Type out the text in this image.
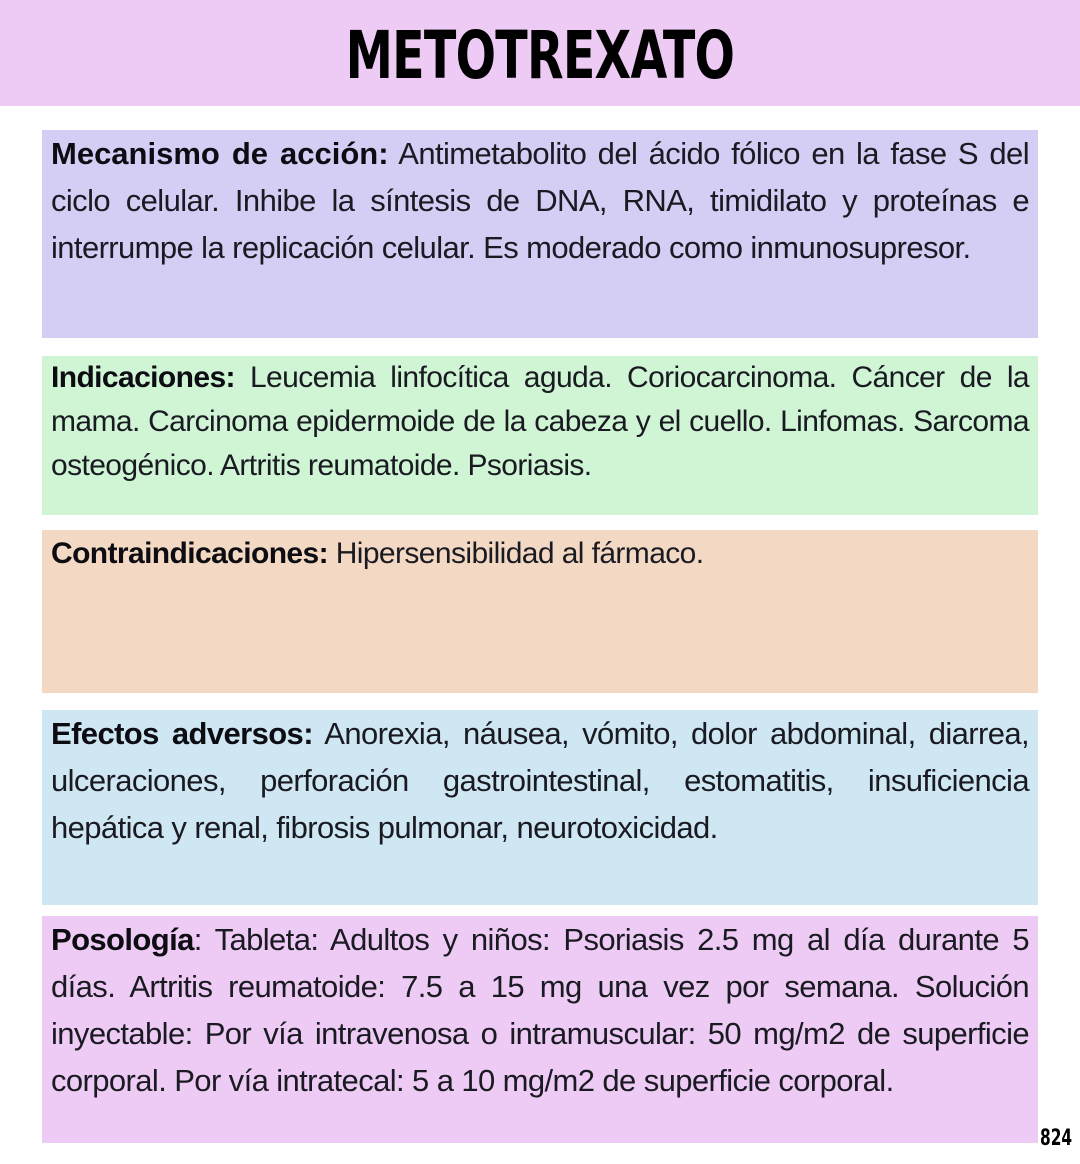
METOTREXATO
Mecanismo de acción: Antimetabolito del ácido fólico en la fase S del ciclo celular. Inhibe la síntesis de DNA, RNA, timidilato y proteínas e interrumpe la replicación celular. Es moderado como inmunosupresor.
Indicaciones: Leucemia linfocítica aguda. Coriocarcinoma. Cáncer de la mama. Carcinoma epidermoide de la cabeza y el cuello. Linfomas. Sarcoma osteogénico. Artritis reumatoide. Psoriasis.
Contraindicaciones: Hipersensibilidad al fármaco.
Efectos adversos: Anorexia, náusea, vómito, dolor abdominal, diarrea, ulceraciones, perforación gastrointestinal, estomatitis, insuficiencia hepática y renal, fibrosis pulmonar, neurotoxicidad.
Posología: Tableta: Adultos y niños: Psoriasis 2.5 mg al día durante 5 días. Artritis reumatoide: 7.5 a 15 mg una vez por semana. Solución inyectable: Por vía intravenosa o intramuscular: 50 mg/m2 de superficie corporal. Por vía intratecal: 5 a 10 mg/m2 de superficie corporal.
824
